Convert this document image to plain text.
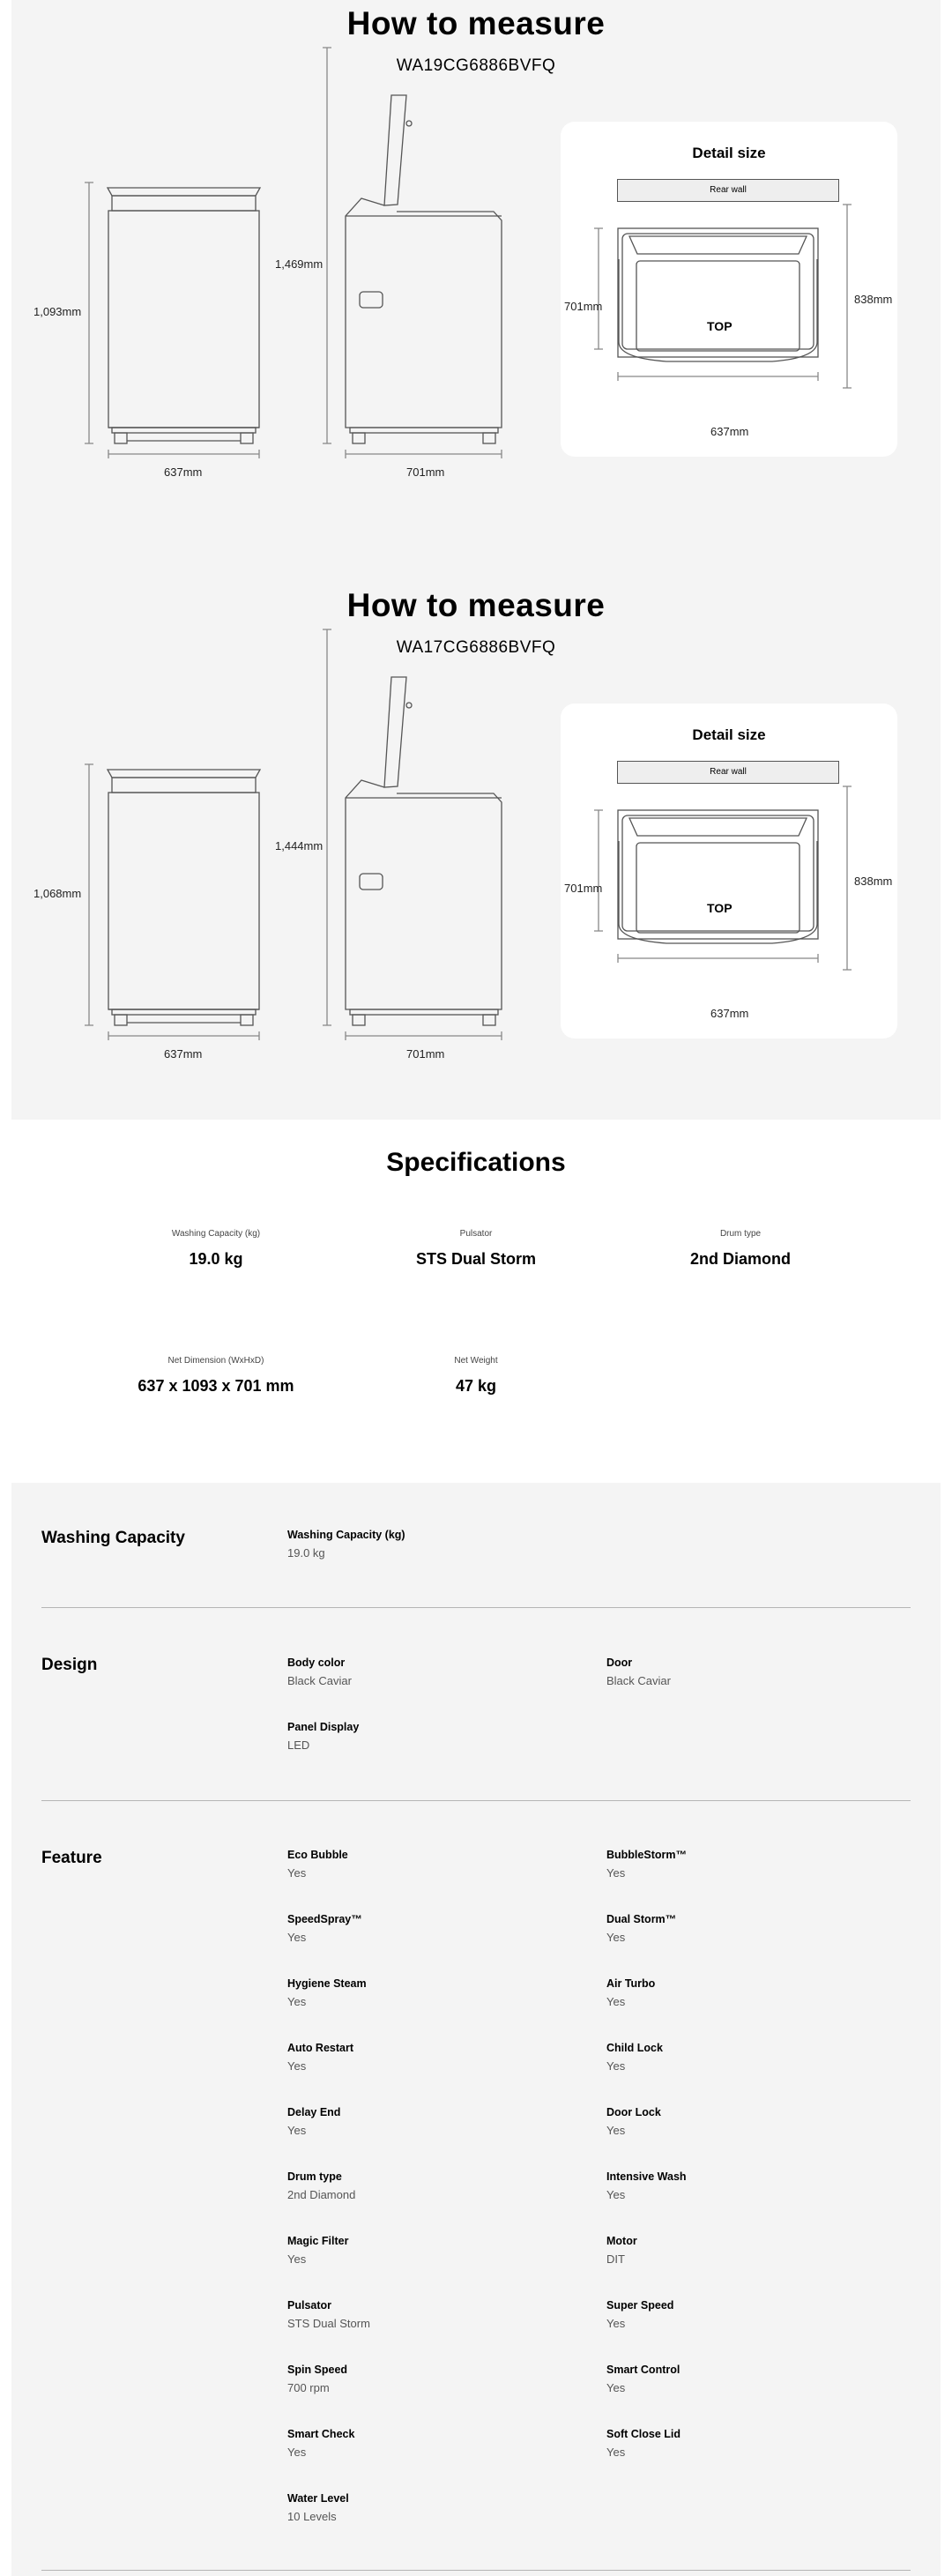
How to measure
WA19CG6886BVFQ
1,093mm
637mm
1,469mm
701mm
Detail size
Rear wall
TOP
701mm
838mm
637mm
How to measure
WA17CG6886BVFQ
1,068mm
637mm
1,444mm
701mm
Detail size
Rear wall
TOP
701mm
838mm
637mm
Specifications
Washing Capacity (kg)
19.0 kg
Pulsator
STS Dual Storm
Drum type
2nd Diamond
Net Dimension (WxHxD)
637 x 1093 x 701 mm
Net Weight
47 kg
Washing Capacity	Washing Capacity (kg)
19.0 kg
Design	Body color
Black Caviar
Door
Black Caviar
Panel Display
LED
Feature	Eco Bubble
Yes
BubbleStorm™
Yes
SpeedSpray™
Yes
Dual Storm™
Yes
Hygiene Steam
Yes
Air Turbo
Yes
Auto Restart
Yes
Child Lock
Yes
Delay End
Yes
Door Lock
Yes
Drum type
2nd Diamond
Intensive Wash
Yes
Magic Filter
Yes
Motor
DIT
Pulsator
STS Dual Storm
Super Speed
Yes
Spin Speed
700 rpm
Smart Control
Yes
Smart Check
Yes
Soft Close Lid
Yes
Water Level
10 Levels
